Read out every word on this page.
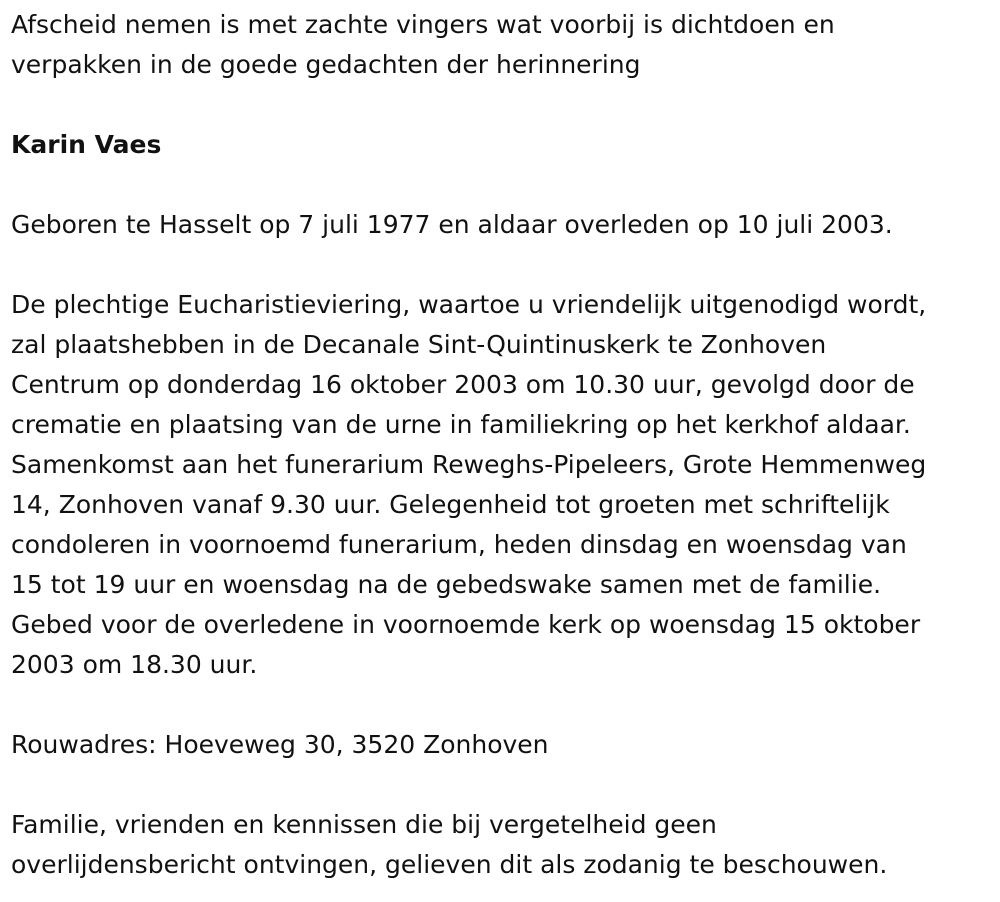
Afscheid nemen is met zachte vingers wat voorbij is dichtdoen en
verpakken in de goede gedachten der herinnering

Karin Vaes

Geboren te Hasselt op 7 juli 1977 en aldaar overleden op 10 juli 2003.

De plechtige Eucharistieviering, waartoe u vriendelijk uitgenodigd wordt,
zal plaatshebben in de Decanale Sint-Quintinuskerk te Zonhoven
Centrum op donderdag 16 oktober 2003 om 10.30 uur, gevolgd door de
crematie en plaatsing van de urne in familiekring op het kerkhof aldaar.
Samenkomst aan het funerarium Reweghs-Pipeleers, Grote Hemmenweg
14, Zonhoven vanaf 9.30 uur. Gelegenheid tot groeten met schriftelijk
condoleren in voornoemd funerarium, heden dinsdag en woensdag van
15 tot 19 uur en woensdag na de gebedswake samen met de familie.
Gebed voor de overledene in voornoemde kerk op woensdag 15 oktober
2003 om 18.30 uur.

Rouwadres: Hoeveweg 30, 3520 Zonhoven

Familie, vrienden en kennissen die bij vergetelheid geen
overlijdensbericht ontvingen, gelieven dit als zodanig te beschouwen.
